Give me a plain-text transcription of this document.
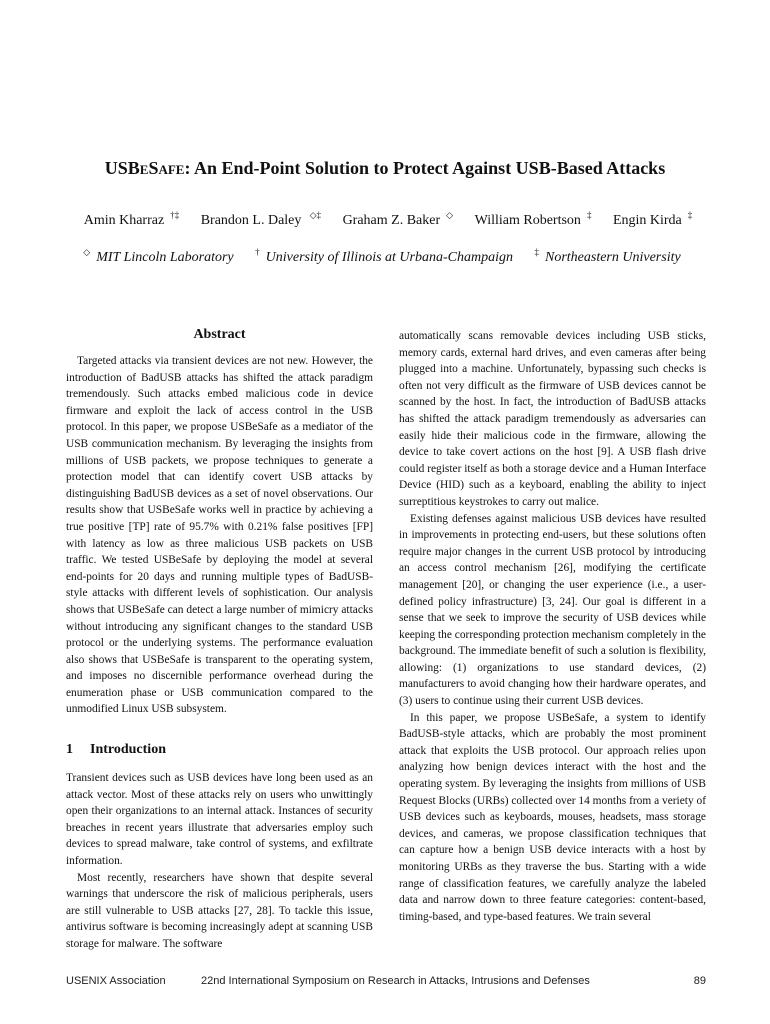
USBeSafe: An End-Point Solution to Protect Against USB-Based Attacks
Amin Kharraz †‡ Brandon L. Daley ◇‡ Graham Z. Baker ◇ William Robertson ‡ Engin Kirda ‡
◇ MIT Lincoln Laboratory † University of Illinois at Urbana-Champaign ‡ Northeastern University
Abstract

Targeted attacks via transient devices are not new. However, the introduction of BadUSB attacks has shifted the attack paradigm tremendously. Such attacks embed malicious code in device firmware and exploit the lack of access control in the USB protocol. In this paper, we propose USBeSafe as a mediator of the USB communication mechanism. By leveraging the insights from millions of USB packets, we propose techniques to generate a protection model that can identify covert USB attacks by distinguishing BadUSB devices as a set of novel observations. Our results show that USBeSafe works well in practice by achieving a true positive [TP] rate of 95.7% with 0.21% false positives [FP] with latency as low as three malicious USB packets on USB traffic. We tested USBeSafe by deploying the model at several end-points for 20 days and running multiple types of BadUSB-style attacks with different levels of sophistication. Our analysis shows that USBeSafe can detect a large number of mimicry attacks without introducing any significant changes to the standard USB protocol or the underlying systems. The performance evaluation also shows that USBeSafe is transparent to the operating system, and imposes no discernible performance overhead during the enumeration phase or USB communication compared to the unmodified Linux USB subsystem.

1 Introduction

Transient devices such as USB devices have long been used as an attack vector. Most of these attacks rely on users who unwittingly open their organizations to an internal attack. Instances of security breaches in recent years illustrate that adversaries employ such devices to spread malware, take control of systems, and exfiltrate information.

Most recently, researchers have shown that despite several warnings that underscore the risk of malicious peripherals, users are still vulnerable to USB attacks [27, 28]. To tackle this issue, antivirus software is becoming increasingly adept at scanning USB storage for malware. The software

automatically scans removable devices including USB sticks, memory cards, external hard drives, and even cameras after being plugged into a machine. Unfortunately, bypassing such checks is often not very difficult as the firmware of USB devices cannot be scanned by the host. In fact, the introduction of BadUSB attacks has shifted the attack paradigm tremendously as adversaries can easily hide their malicious code in the firmware, allowing the device to take covert actions on the host [9]. A USB flash drive could register itself as both a storage device and a Human Interface Device (HID) such as a keyboard, enabling the ability to inject surreptitious keystrokes to carry out malice.

Existing defenses against malicious USB devices have resulted in improvements in protecting end-users, but these solutions often require major changes in the current USB protocol by introducing an access control mechanism [26], modifying the certificate management [20], or changing the user experience (i.e., a user-defined policy infrastructure) [3, 24]. Our goal is different in a sense that we seek to improve the security of USB devices while keeping the corresponding protection mechanism completely in the background. The immediate benefit of such a solution is flexibility, allowing: (1) organizations to use standard devices, (2) manufacturers to avoid changing how their hardware operates, and (3) users to continue using their current USB devices.

In this paper, we propose USBeSafe, a system to identify BadUSB-style attacks, which are probably the most prominent attack that exploits the USB protocol. Our approach relies upon analyzing how benign devices interact with the host and the operating system. By leveraging the insights from millions of USB Request Blocks (URBs) collected over 14 months from a veriety of USB devices such as keyboards, mouses, headsets, mass storage devices, and cameras, we propose classification techniques that can capture how a benign USB device interacts with a host by monitoring URBs as they traverse the bus. Starting with a wide range of classification features, we carefully analyze the labeled data and narrow down to three feature categories: content-based, timing-based, and type-based features. We train several

USENIX Association	22nd International Symposium on Research in Attacks, Intrusions and Defenses	89
